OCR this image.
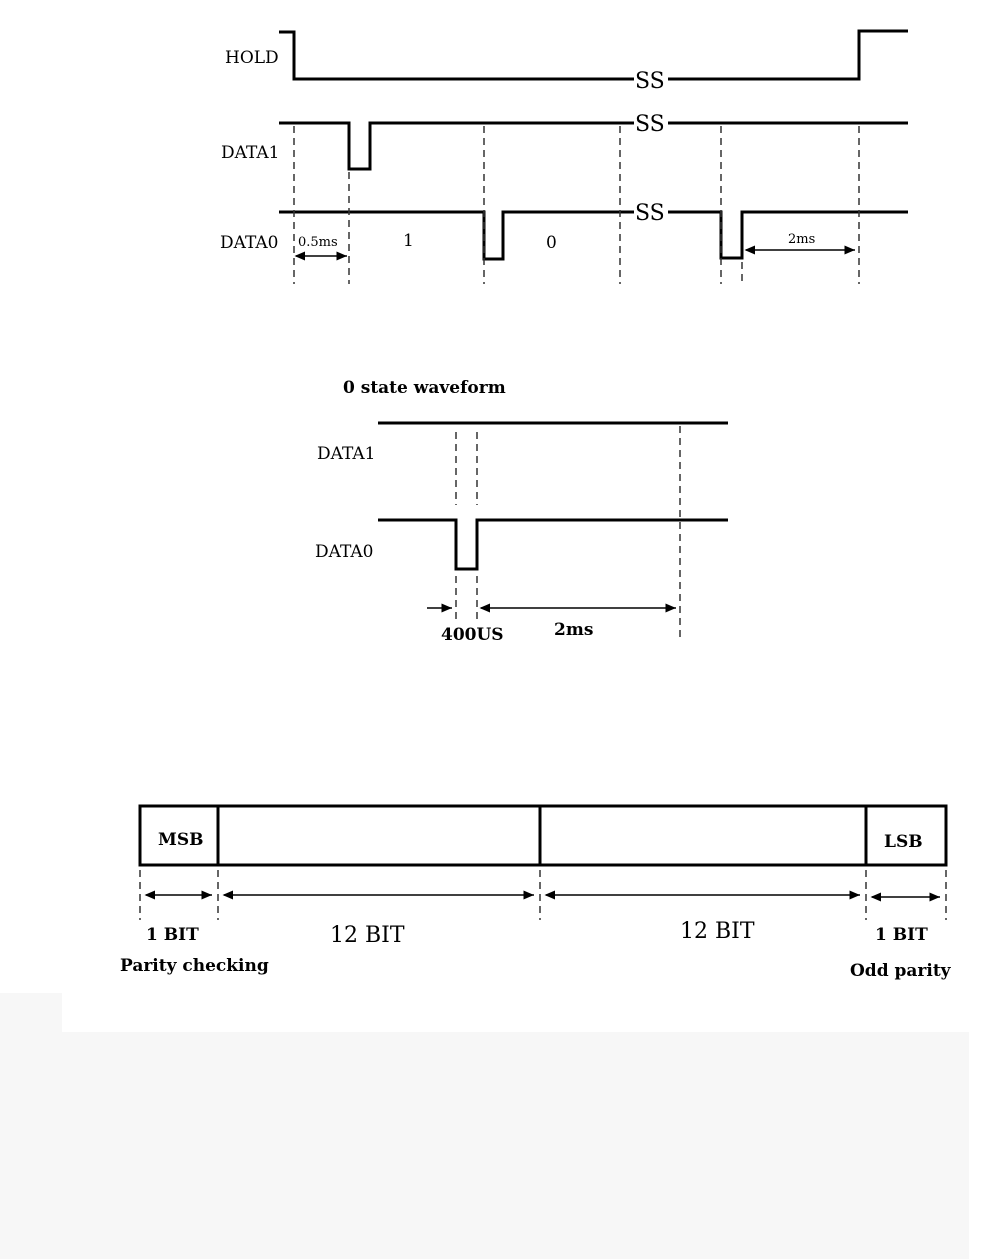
HOLD
DATA1
DATA0
SS
SS
SS
0.5ms	1	0	2ms
0 state waveform
DATA1
DATA0
400US	2ms
MSB	LSB
1 BIT	12 BIT	12 BIT	1 BIT
Parity checking	Odd parity
